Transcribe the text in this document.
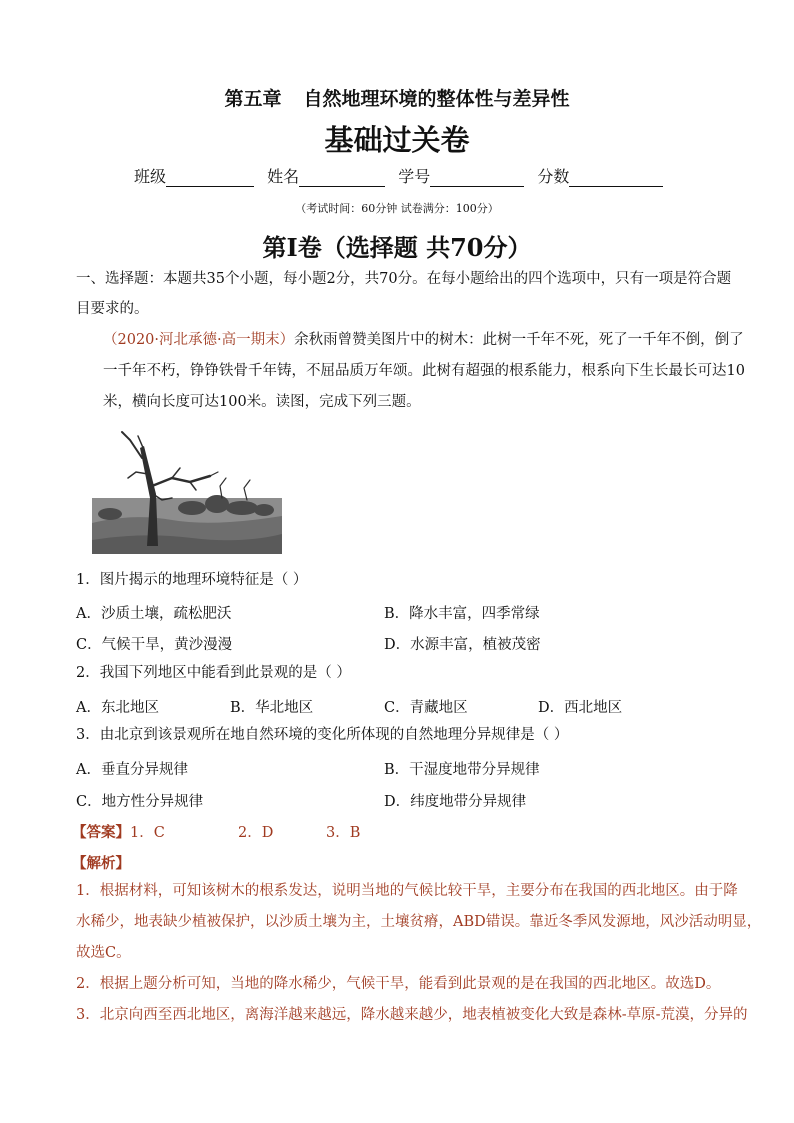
第五章 自然地理环境的整体性与差异性
基础过关卷
班级	姓名	学号	分数
（考试时间：60分钟 试卷满分：100分）
第Ⅰ卷（选择题 共70分）
一、选择题：本题共35个小题，每小题2分，共70分。在每小题给出的四个选项中，只有一项是符合题
目要求的。
（2020·河北承德·高一期末）余秋雨曾赞美图片中的树木：此树一千年不死，死了一千年不倒，倒了
一千年不朽，铮铮铁骨千年铸，不屈品质万年颂。此树有超强的根系能力，根系向下生长最长可达10
米，横向长度可达100米。读图，完成下列三题。
1．图片揭示的地理环境特征是（ ）
A．沙质土壤，疏松肥沃	B．降水丰富，四季常绿
C．气候干旱，黄沙漫漫	D．水源丰富，植被茂密
2．我国下列地区中能看到此景观的是（ ）
A．东北地区	B．华北地区	C．青藏地区	D．西北地区
3．由北京到该景观所在地自然环境的变化所体现的自然地理分异规律是（ ）
A．垂直分异规律	B．干湿度地带分异规律
C．地方性分异规律	D．纬度地带分异规律
【答案】1．C	2．D	3．B
【解析】
1．根据材料，可知该树木的根系发达，说明当地的气候比较干旱，主要分布在我国的西北地区。由于降
水稀少，地表缺少植被保护，以沙质土壤为主，土壤贫瘠，ABD错误。靠近冬季风发源地，风沙活动明显，
故选C。
2．根据上题分析可知，当地的降水稀少，气候干旱，能看到此景观的是在我国的西北地区。故选D。
3．北京向西至西北地区，离海洋越来越远，降水越来越少，地表植被变化大致是森林-草原-荒漠，分异的
